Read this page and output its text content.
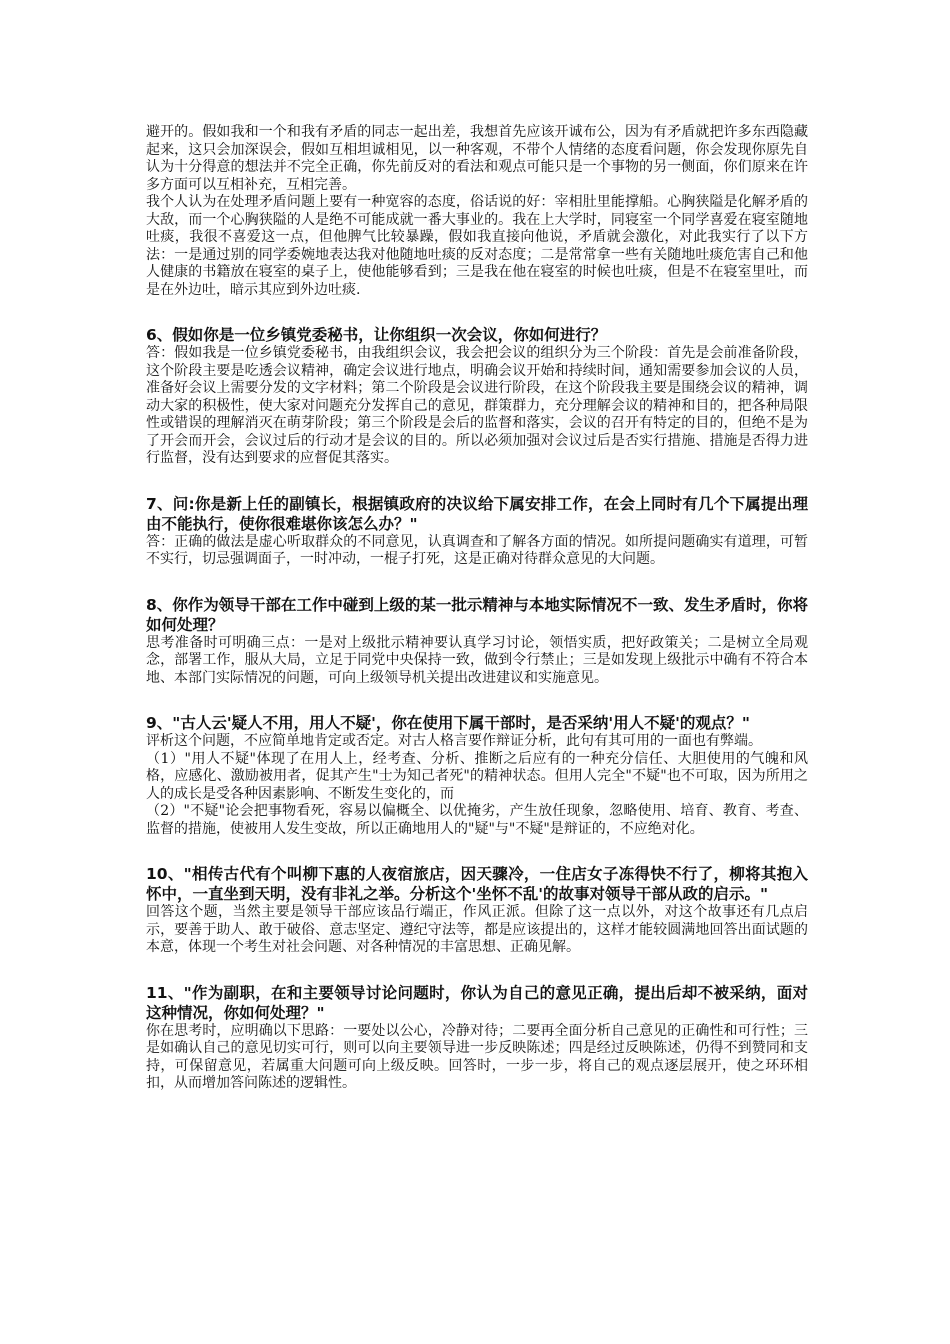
避开的。假如我和一个和我有矛盾的同志一起出差，我想首先应该开诚布公，因为有矛盾就把许多东西隐藏起来，这只会加深误会，假如互相坦诚相见，以一种客观，不带个人情绪的态度看问题，你会发现你原先自认为十分得意的想法并不完全正确，你先前反对的看法和观点可能只是一个事物的另一侧面，你们原来在许多方面可以互相补充，互相完善。

我个人认为在处理矛盾问题上要有一种宽容的态度，俗话说的好：宰相肚里能撑船。心胸狭隘是化解矛盾的大敌，而一个心胸狭隘的人是绝不可能成就一番大事业的。我在上大学时，同寝室一个同学喜爱在寝室随地吐痰，我很不喜爱这一点，但他脾气比较暴躁，假如我直接向他说，矛盾就会激化，对此我实行了以下方法：一是通过别的同学委婉地表达我对他随地吐痰的反对态度；二是常常拿一些有关随地吐痰危害自己和他人健康的书籍放在寝室的桌子上，使他能够看到；三是我在他在寝室的时候也吐痰，但是不在寝室里吐，而是在外边吐，暗示其应到外边吐痰.

6、假如你是一位乡镇党委秘书，让你组织一次会议，你如何进行？

答：假如我是一位乡镇党委秘书，由我组织会议，我会把会议的组织分为三个阶段：首先是会前准备阶段，这个阶段主要是吃透会议精神，确定会议进行地点，明确会议开始和持续时间，通知需要参加会议的人员，准备好会议上需要分发的文字材料；第二个阶段是会议进行阶段，在这个阶段我主要是围绕会议的精神，调动大家的积极性，使大家对问题充分发挥自己的意见，群策群力，充分理解会议的精神和目的，把各种局限性或错误的理解消灭在萌芽阶段；第三个阶段是会后的监督和落实，会议的召开有特定的目的，但绝不是为了开会而开会，会议过后的行动才是会议的目的。所以必须加强对会议过后是否实行措施、措施是否得力进行监督，没有达到要求的应督促其落实。

7、问:你是新上任的副镇长，根据镇政府的决议给下属安排工作，在会上同时有几个下属提出理由不能执行，使你很难堪你该怎么办？"

答：正确的做法是虚心听取群众的不同意见，认真调查和了解各方面的情况。如所提问题确实有道理，可暂不实行，切忌强调面子，一时冲动，一棍子打死，这是正确对待群众意见的大问题。

8、你作为领导干部在工作中碰到上级的某一批示精神与本地实际情况不一致、发生矛盾时，你将如何处理？

思考准备时可明确三点：一是对上级批示精神要认真学习讨论，领悟实质，把好政策关；二是树立全局观念，部署工作，服从大局，立足于同党中央保持一致，做到令行禁止；三是如发现上级批示中确有不符合本地、本部门实际情况的问题，可向上级领导机关提出改进建议和实施意见。

9、"古人云'疑人不用，用人不疑'，你在使用下属干部时，是否采纳'用人不疑'的观点？"

评析这个问题，不应简单地肯定或否定。对古人格言要作辩证分析，此句有其可用的一面也有弊端。

（1）"用人不疑"体现了在用人上，经考查、分析、推断之后应有的一种充分信任、大胆使用的气魄和风格，应感化、激励被用者，促其产生"士为知己者死"的精神状态。但用人完全"不疑"也不可取，因为所用之人的成长是受各种因素影响、不断发生变化的，而

（2）"不疑"论会把事物看死，容易以偏概全、以优掩劣，产生放任现象，忽略使用、培育、教育、考查、监督的措施，使被用人发生变故，所以正确地用人的"疑"与"不疑"是辩证的，不应绝对化。

10、"相传古代有个叫柳下惠的人夜宿旅店，因天骤冷，一住店女子冻得快不行了，柳将其抱入怀中，一直坐到天明，没有非礼之举。分析这个'坐怀不乱'的故事对领导干部从政的启示。"

回答这个题，当然主要是领导干部应该品行端正，作风正派。但除了这一点以外，对这个故事还有几点启示，要善于助人、敢于破俗、意志坚定、遵纪守法等，都是应该提出的，这样才能较圆满地回答出面试题的本意，体现一个考生对社会问题、对各种情况的丰富思想、正确见解。

11、"作为副职，在和主要领导讨论问题时，你认为自己的意见正确，提出后却不被采纳，面对这种情况，你如何处理？"

你在思考时，应明确以下思路：一要处以公心，冷静对待；二要再全面分析自己意见的正确性和可行性；三是如确认自己的意见切实可行，则可以向主要领导进一步反映陈述；四是经过反映陈述，仍得不到赞同和支持，可保留意见，若属重大问题可向上级反映。回答时，一步一步，将自己的观点逐层展开，使之环环相扣，从而增加答问陈述的逻辑性。
